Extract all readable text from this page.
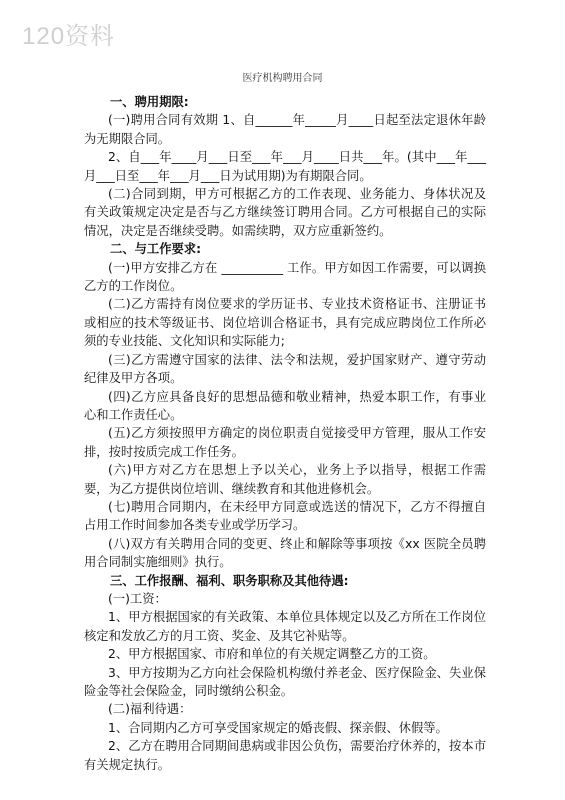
120资料
医疗机构聘用合同

一、聘用期限:

(一)聘用合同有效期 1、自______年_____月____日起至法定退休年龄为无期限合同。

2、自___年____月___日至___年___月____日共___年。(其中___年___月___日至___年___月___日为试用期)为有期限合同。

(二)合同到期，甲方可根据乙方的工作表现、业务能力、身体状况及有关政策规定决定是否与乙方继续签订聘用合同。乙方可根据自己的实际情况，决定是否继续受聘。如需续聘，双方应重新签约。

二、与工作要求:

(一)甲方安排乙方在 __________ 工作。甲方如因工作需要，可以调换乙方的工作岗位。

(二)乙方需持有岗位要求的学历证书、专业技术资格证书、注册证书或相应的技术等级证书、岗位培训合格证书，具有完成应聘岗位工作所必须的专业技能、文化知识和实际能力;

(三)乙方需遵守国家的法律、法令和法规，爱护国家财产、遵守劳动纪律及甲方各项。

(四)乙方应具备良好的思想品德和敬业精神，热爱本职工作，有事业心和工作责任心。

(五)乙方须按照甲方确定的岗位职责自觉接受甲方管理，服从工作安排，按时按质完成工作任务。

(六)甲方对乙方在思想上予以关心，业务上予以指导，根据工作需要，为乙方提供岗位培训、继续教育和其他进修机会。

(七)聘用合同期内，在未经甲方同意或选送的情况下，乙方不得擅自占用工作时间参加各类专业或学历学习。

(八)双方有关聘用合同的变更、终止和解除等事项按《xx 医院全员聘用合同制实施细则》执行。

三、工作报酬、福利、职务职称及其他待遇:

(一)工资：

1、甲方根据国家的有关政策、本单位具体规定以及乙方所在工作岗位核定和发放乙方的月工资、奖金、及其它补贴等。

2、甲方根据国家、市府和单位的有关规定调整乙方的工资。

3、甲方按期为乙方向社会保险机构缴付养老金、医疗保险金、失业保险金等社会保险金，同时缴纳公积金。

(二)福利待遇：

1、合同期内乙方可享受国家规定的婚丧假、探亲假、休假等。

2、乙方在聘用合同期间患病或非因公负伤，需要治疗休养的，按本市有关规定执行。
